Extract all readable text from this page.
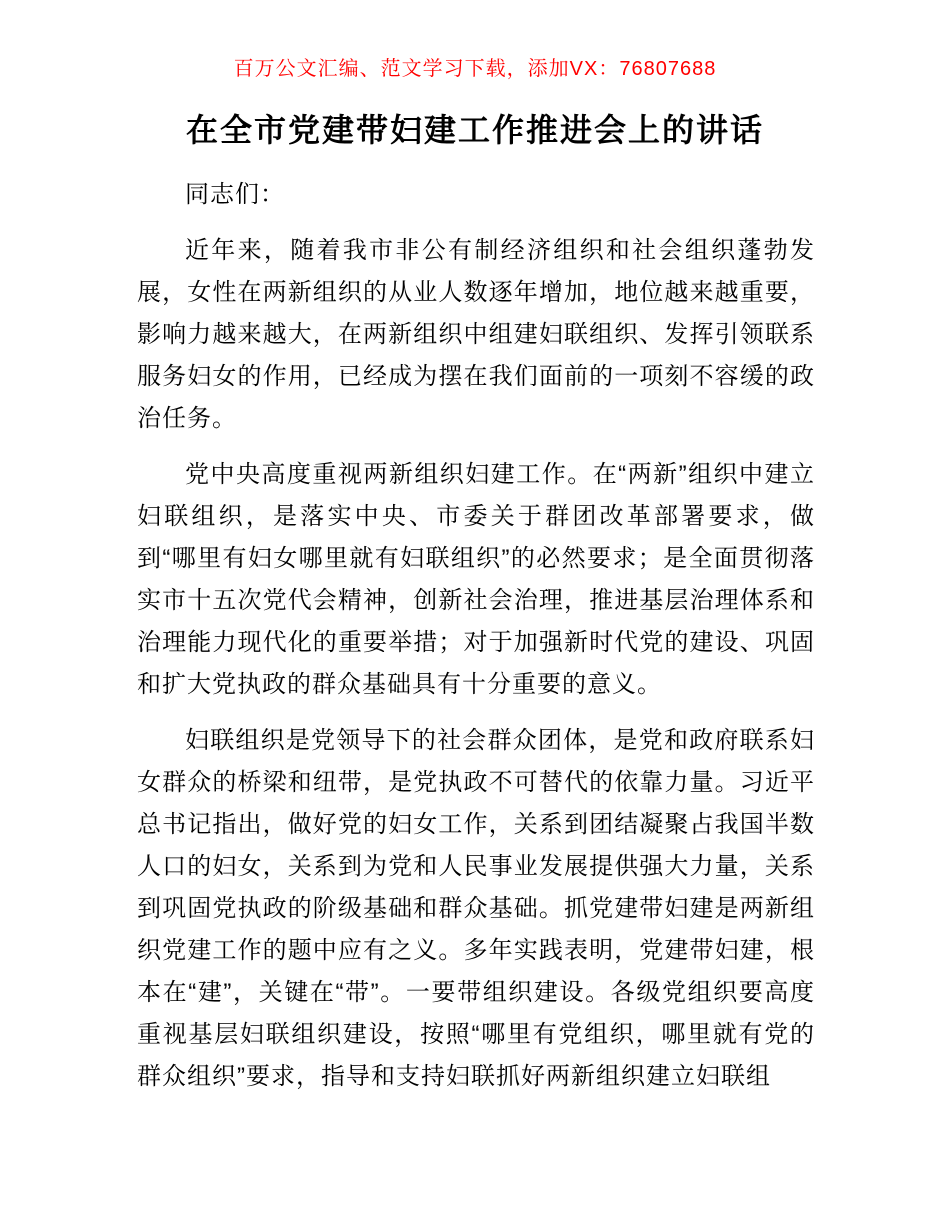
百万公文汇编、范文学习下载，添加VX：76807688
在全市党建带妇建工作推进会上的讲话

同志们：

近年来，随着我市非公有制经济组织和社会组织蓬勃发展，女性在两新组织的从业人数逐年增加，地位越来越重要，影响力越来越大，在两新组织中组建妇联组织、发挥引领联系服务妇女的作用，已经成为摆在我们面前的一项刻不容缓的政治任务。

党中央高度重视两新组织妇建工作。在“两新”组织中建立妇联组织，是落实中央、市委关于群团改革部署要求，做到“哪里有妇女哪里就有妇联组织”的必然要求；是全面贯彻落实市十五次党代会精神，创新社会治理，推进基层治理体系和治理能力现代化的重要举措；对于加强新时代党的建设、巩固和扩大党执政的群众基础具有十分重要的意义。

妇联组织是党领导下的社会群众团体，是党和政府联系妇女群众的桥梁和纽带，是党执政不可替代的依靠力量。习近平总书记指出，做好党的妇女工作，关系到团结凝聚占我国半数人口的妇女，关系到为党和人民事业发展提供强大力量，关系到巩固党执政的阶级基础和群众基础。抓党建带妇建是两新组织党建工作的题中应有之义。多年实践表明，党建带妇建，根本在“建”，关键在“带”。一要带组织建设。各级党组织要高度重视基层妇联组织建设，按照“哪里有党组织，哪里就有党的群众组织”要求，指导和支持妇联抓好两新组织建立妇联组
